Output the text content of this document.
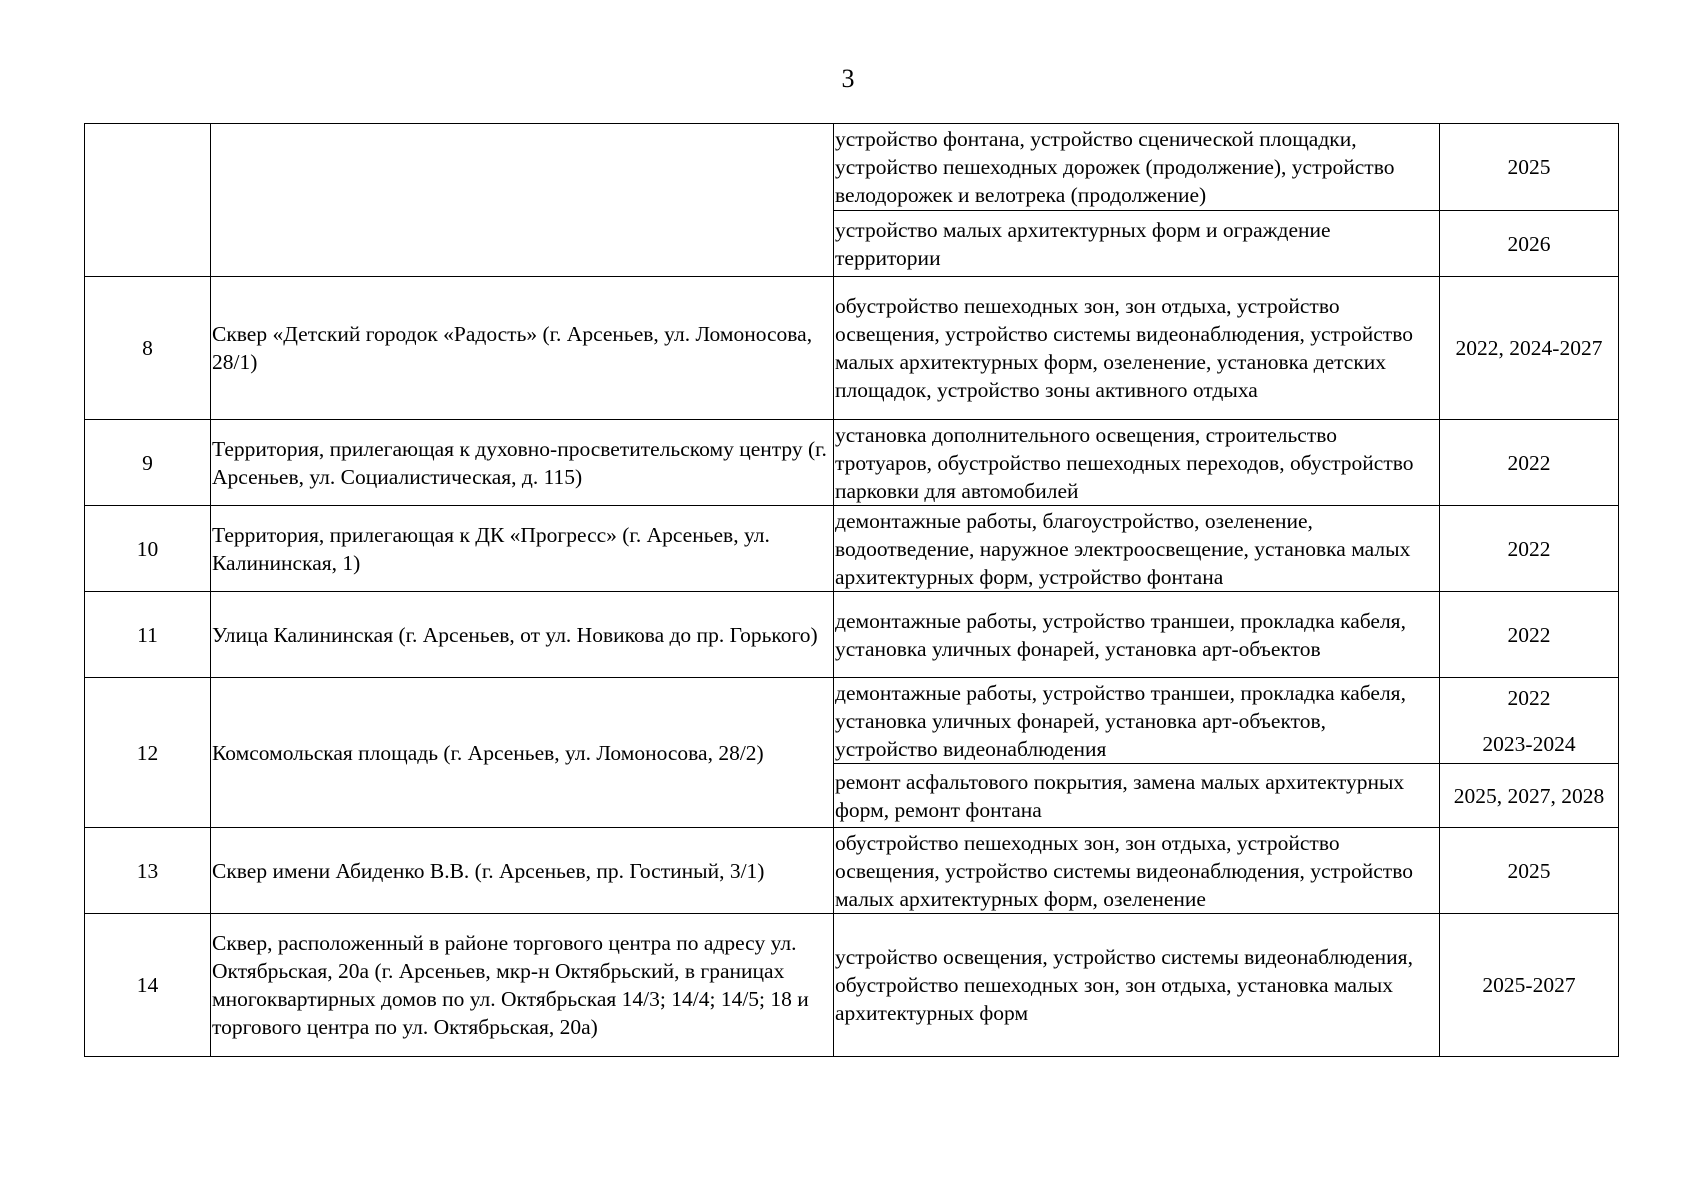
3
		устройство фонтана, устройство сценической площадки, устройство пешеходных дорожек (продолжение), устройство велодорожек и велотрека (продолжение)	2025
		устройство малых архитектурных форм и ограждение территории	2026
8	Сквер «Детский городок «Радость» (г. Арсеньев, ул. Ломоносова, 28/1)	обустройство пешеходных зон, зон отдыха, устройство освещения, устройство системы видеонаблюдения, устройство малых архитектурных форм, озеленение, установка детских площадок, устройство зоны активного отдыха	2022, 2024-2027
9	Территория, прилегающая к духовно-просветительскому центру (г. Арсеньев, ул. Социалистическая, д. 115)	установка дополнительного освещения, строительство тротуаров, обустройство пешеходных переходов, обустройство парковки для автомобилей	2022
10	Территория, прилегающая к ДК «Прогресс» (г. Арсеньев, ул. Калининская, 1)	демонтажные работы, благоустройство, озеленение, водоотведение, наружное электроосвещение, установка малых архитектурных форм, устройство фонтана	2022
11	Улица Калининская (г. Арсеньев, от ул. Новикова до пр. Горького)	демонтажные работы, устройство траншеи, прокладка кабеля, установка уличных фонарей, установка арт-объектов	2022
12	Комсомольская площадь (г. Арсеньев, ул. Ломоносова, 28/2)	демонтажные работы, устройство траншеи, прокладка кабеля, установка уличных фонарей, установка арт-объектов, устройство видеонаблюдения	2022
2023-2024

		ремонт асфальтового покрытия, замена малых архитектурных форм, ремонт фонтана	2025, 2027, 2028
13	Сквер имени Абиденко В.В. (г. Арсеньев, пр. Гостиный, 3/1)	обустройство пешеходных зон, зон отдыха, устройство освещения, устройство системы видеонаблюдения, устройство малых архитектурных форм, озеленение	2025
14	Сквер, расположенный в районе торгового центра по адресу ул. Октябрьская, 20а (г. Арсеньев, мкр-н Октябрьский, в границах многоквартирных домов по ул. Октябрьская 14/3; 14/4; 14/5; 18 и торгового центра по ул. Октябрьская, 20а)	устройство освещения, устройство системы видеонаблюдения, обустройство пешеходных зон, зон отдыха, установка малых архитектурных форм	2025-2027
